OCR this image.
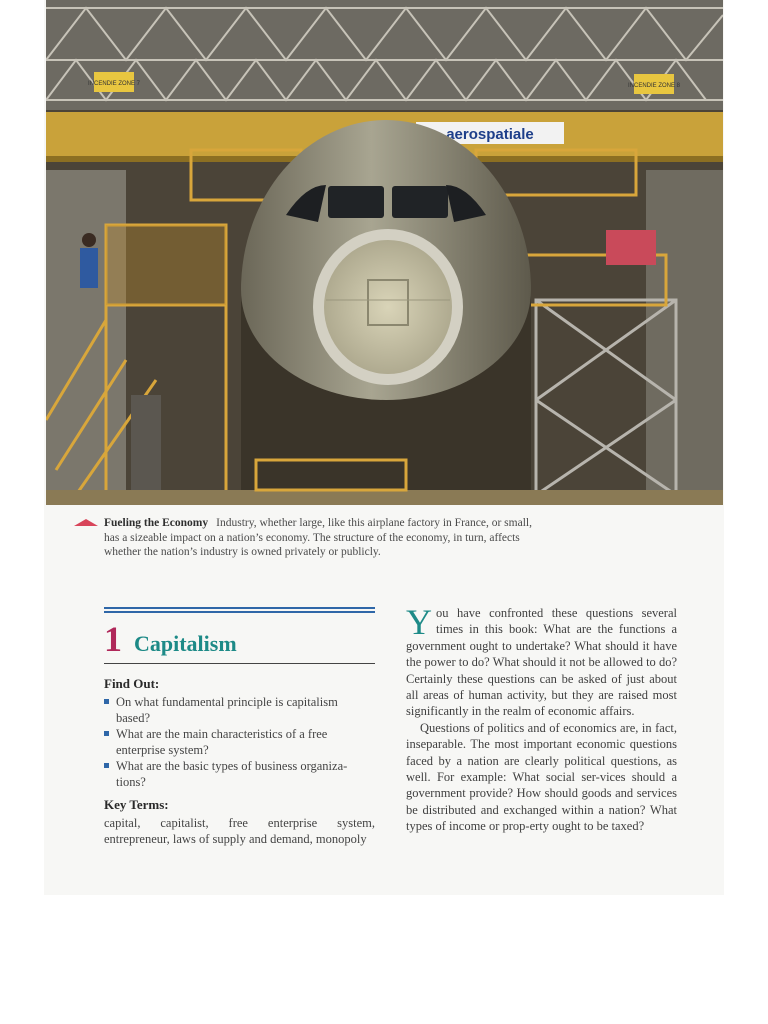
INCENDIE ZONE 7	INCENDIE ZONE 8
aerospatiale
Fueling the Economy Industry, whether large, like this airplane factory in France, or small, has a sizeable impact on a nation’s economy. The structure of the economy, in turn, affects whether the nation’s industry is owned privately or publicly.
1 Capitalism
Find Out:
On what fundamental principle is capitalism based?
What are the main characteristics of a free enterprise system?
What are the basic types of business organiza-tions?
Key Terms:
capital, capitalist, free enterprise system, entrepreneur, laws of supply and demand, monopoly

You have confronted these questions several times in this book: What are the functions a government ought to undertake? What should it have the power to do? What should it not be allowed to do? Certainly these questions can be asked of just about all areas of human activity, but they are raised most significantly in the realm of economic affairs.

Questions of politics and of economics are, in fact, inseparable. The most important economic questions faced by a nation are clearly political questions, as well. For example: What social ser-vices should a government provide? How should goods and services be distributed and exchanged within a nation? What types of income or prop-erty ought to be taxed?
